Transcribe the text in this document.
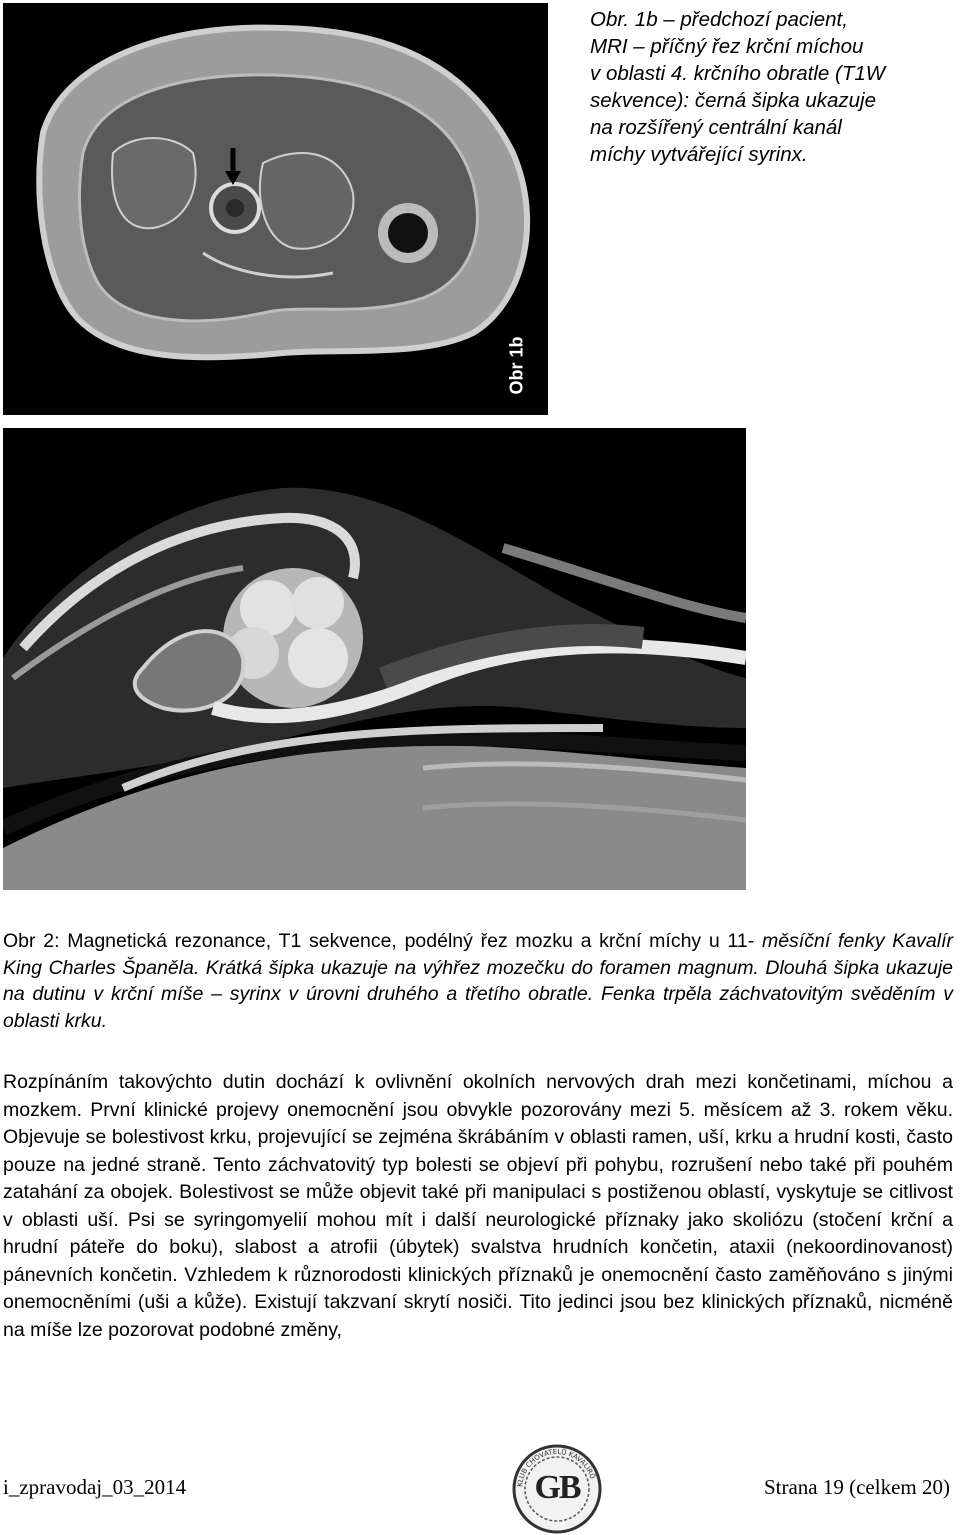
Obr 1b

Obr. 1b – předchozí pacient,

MRI – příčný řez krční míchou

v oblasti 4. krčního obratle (T1W

sekvence): černá šipka ukazuje

na rozšířený centrální kanál

míchy vytvářející syrinx.

Obr 2: Magnetická rezonance, T1 sekvence, podélný řez mozku a krční míchy u 11- měsíční fenky Kavalír King Charles Španěla. Krátká šipka ukazuje na výhřez mozečku do foramen magnum. Dlouhá šipka ukazuje na dutinu v krční míše – syrinx v úrovni druhého a třetího obratle. Fenka trpěla záchvatovitým svěděním v oblasti krku.

Rozpínáním takovýchto dutin dochází k ovlivnění okolních nervových drah mezi končetinami, míchou a mozkem. První klinické projevy onemocnění jsou obvykle pozorovány mezi 5. měsícem až 3. rokem věku. Objevuje se bolestivost krku, projevující se zejména škrábáním v oblasti ramen, uší, krku a hrudní kosti, často pouze na jedné straně. Tento záchvatovitý typ bolesti se objeví při pohybu, rozrušení nebo také při pouhém zatahání za obojek. Bolestivost se může objevit také při manipulaci s postiženou oblastí, vyskytuje se citlivost v oblasti uší. Psi se syringomyelií mohou mít i další neurologické příznaky jako skoliózu (stočení krční a hrudní páteře do boku), slabost a atrofii (úbytek) svalstva hrudních končetin, ataxii (nekoordinovanost) pánevních končetin. Vzhledem k různorodosti klinických příznaků je onemocnění často zaměňováno s jinými onemocněními (uši a kůže). Existují takzvaní skrytí nosiči. Tito jedinci jsou bez klinických příznaků, nicméně na míše lze pozorovat podobné změny,

i_zpravodaj_03_2014	KLUB CHOVATELŮ KAVALÍRŮ
GB	Strana 19 (celkem 20)
